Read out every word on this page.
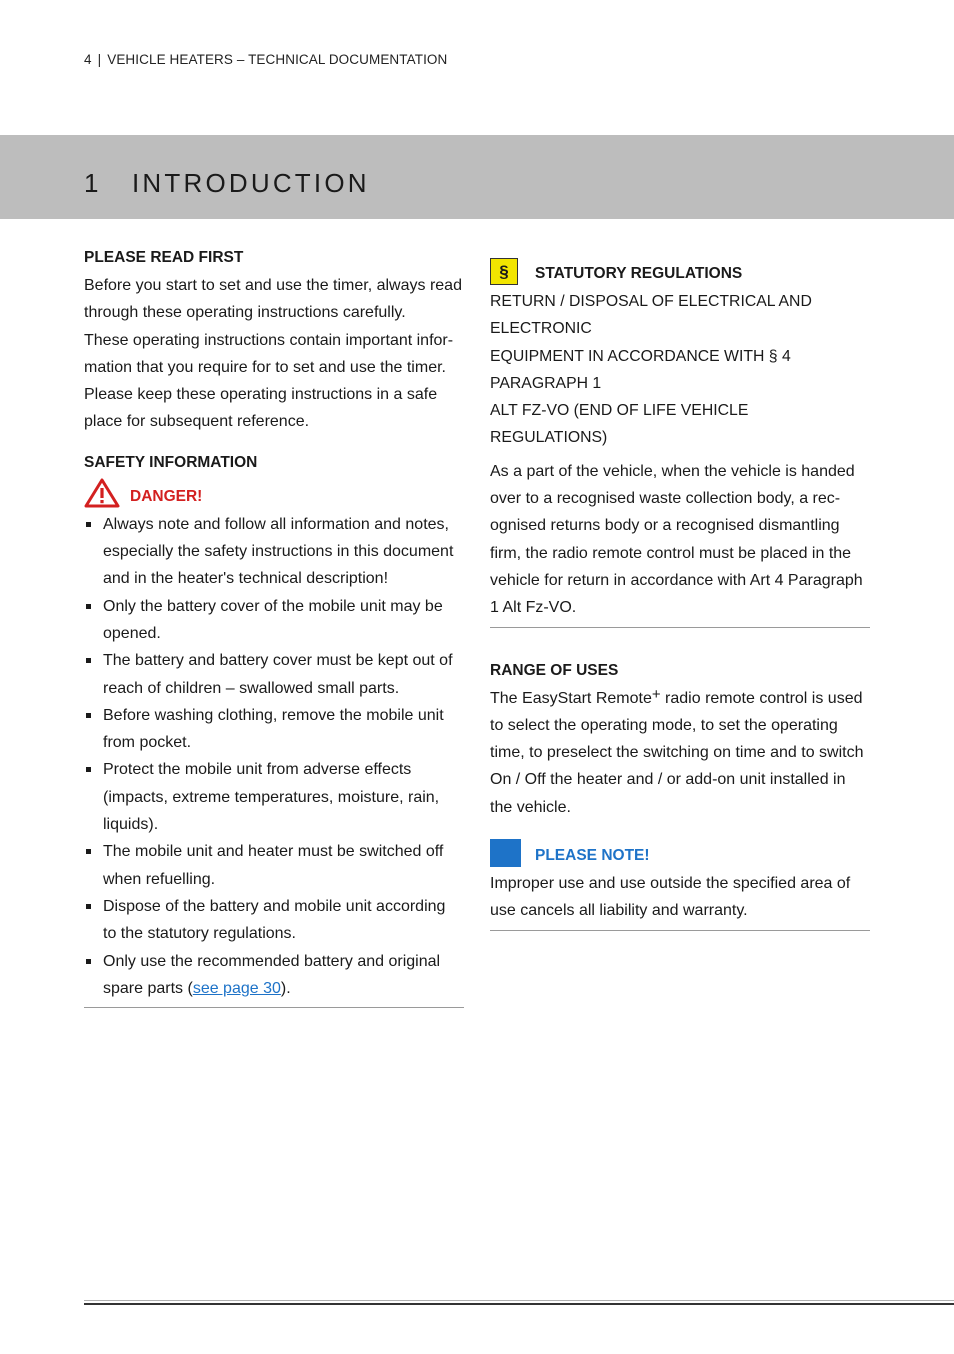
4 | VEHICLE HEATERS – TECHNICAL DOCUMENTATION
1 INTRODUCTION
PLEASE READ FIRST

Before you start to set and use the timer, always read

through these operating instructions carefully.

These operating instructions contain important infor-

mation that you require for to set and use the timer.

Please keep these operating instructions in a safe

place for subsequent reference.

SAFETY INFORMATION
DANGER!
Always note and follow all information and notes,
especially the safety instructions in this document
and in the heater's technical description!
Only the battery cover of the mobile unit may be
opened.
The battery and battery cover must be kept out of
reach of children – swallowed small parts.
Before washing clothing, remove the mobile unit
from pocket.
Protect the mobile unit from adverse effects
(impacts, extreme temperatures, moisture, rain,
liquids).
The mobile unit and heater must be switched off
when refuelling.
Dispose of the battery and mobile unit according
to the statutory regulations.
Only use the recommended battery and original
spare parts (see page 30).
§	STATUTORY REGULATIONS

RETURN / DISPOSAL OF ELECTRICAL AND ELECTRONIC

EQUIPMENT IN ACCORDANCE WITH § 4 PARAGRAPH 1

ALT FZ-VO (END OF LIFE VEHICLE REGULATIONS)

As a part of the vehicle, when the vehicle is handed

over to a recognised waste collection body, a rec-

ognised returns body or a recognised dismantling

firm, the radio remote control must be placed in the

vehicle for return in accordance with Art 4 Paragraph

1 Alt Fz-VO.

RANGE OF USES

The EasyStart Remote+ radio remote control is used

to select the operating mode, to set the operating

time, to preselect the switching on time and to switch

On / Off the heater and / or add-on unit installed in

the vehicle.

PLEASE NOTE!

Improper use and use outside the specified area of

use cancels all liability and warranty.
